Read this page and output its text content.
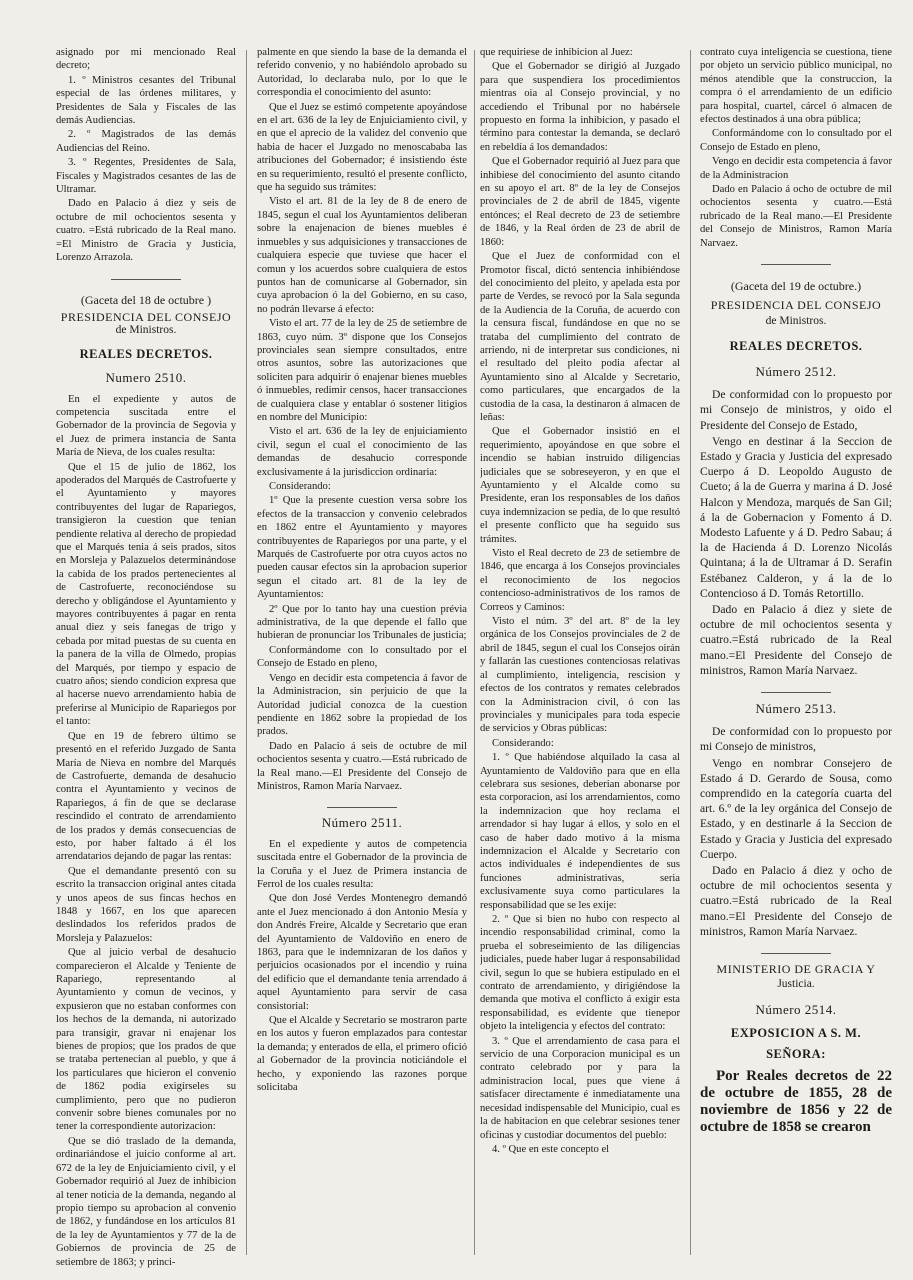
asignado por mi mencionado Real decreto;

1. º Ministros cesantes del Tribunal especial de las órdenes militares, y Presidentes de Sala y Fiscales de las demás Audiencias.

2. º Magistrados de las demás Audiencias del Reino.

3. º Regentes, Presidentes de Sala, Fiscales y Magistrados cesantes de las de Ultramar.

Dado en Palacio á diez y seis de octubre de mil ochocientos sesenta y cuatro. =Está rubricado de la Real mano. =El Ministro de Gracia y Justicia, Lorenzo Arrazola.

(Gaceta del 18 de octubre )
PRESIDENCIA DEL CONSEJO
de Ministros.
REALES DECRETOS.
Numero 2510.

En el expediente y autos de competencia suscitada entre el Gobernador de la provincia de Segovia y el Juez de primera instancia de Santa María de Nieva, de los cuales resulta:

Que el 15 de julio de 1862, los apoderados del Marqués de Castrofuerte y el Ayuntamiento y mayores contribuyentes del lugar de Rapariegos, transigieron la cuestion que tenian pendiente relativa al derecho de propiedad que el Marqués tenia á seis prados, sitos en Morsleja y Palazuelos determinándose la cabida de los prados pertenecientes al de Castrofuerte, reconociéndose su derecho y obligándose el Ayuntamiento y mayores contribuyentes á pagar en renta anual diez y seis fanegas de trigo y cebada por mitad puestas de su cuenta en la panera de la villa de Olmedo, propias del Marqués, por tiempo y espacio de cuatro años; siendo condicion expresa que al hacerse nuevo arrendamiento habia de preferirse al Municipio de Rapariegos por el tanto:

Que en 19 de febrero último se presentó en el referido Juzgado de Santa María de Nieva en nombre del Marqués de Castrofuerte, demanda de desahucio contra el Ayuntamiento y vecinos de Rapariegos, á fin de que se declarase rescindido el contrato de arrendamiento de los prados y demás consecuencias de esto, por haber faltado á él los arrendatarios dejando de pagar las rentas:

Que el demandante presentó con su escrito la transaccion original antes citada y unos apeos de sus fincas hechos en 1848 y 1667, en los que aparecen deslindados los referidos prados de Morsleja y Palazuelos:

Que al juicio verbal de desahucio comparecieron el Alcalde y Teniente de Rapariego, representando al Ayuntamiento y comun de vecinos, y expusieron que no estaban conformes con los hechos de la demanda, ni autorizado para transigir, gravar ni enajenar los bienes de propios; que los prados de que se trataba pertenecian al pueblo, y que á los particulares que hicieron el convenio de 1862 podia exigírseles su cumplimiento, pero que no pudieron convenir sobre bienes comunales por no tener la correspondiente autorizacion:

Que se dió traslado de la demanda, ordinariándose el juicio conforme al art. 672 de la ley de Enjuiciamiento civil, y el Gobernador requirió al Juez de inhibicion al tener noticia de la demanda, negando al propio tiempo su aprobacion al convenio de 1862, y fundándose en los artículos 81 de la ley de Ayuntamientos y 77 de la de Gobiernos de provincia de 25 de setiembre de 1863; y princi-

palmente en que siendo la base de la demanda el referido convenio, y no habiéndolo aprobado su Autoridad, lo declaraba nulo, por lo que le correspondia el conocimiento del asunto:

Que el Juez se estimó competente apoyándose en el art. 636 de la ley de Enjuiciamiento civil, y en que el aprecio de la validez del convenio que habia de hacer el Juzgado no menoscababa las atribuciones del Gobernador; é insistiendo éste en su requerimiento, resultó el presente conflicto, que ha seguido sus trámites:

Visto el art. 81 de la ley de 8 de enero de 1845, segun el cual los Ayuntamientos deliberan sobre la enajenacion de bienes muebles é inmuebles y sus adquisiciones y transacciones de cualquiera especie que tuviese que hacer el comun y los acuerdos sobre cualquiera de estos puntos han de comunicarse al Gobernador, sin cuya aprobacion ó la del Gobierno, en su caso, no podrán llevarse á efecto:

Visto el art. 77 de la ley de 25 de setiembre de 1863, cuyo núm. 3º dispone que los Consejos provinciales sean siempre consultados, entre otros asuntos, sobre las autorizaciones que soliciten para adquirir ó enajenar bienes muebles ó inmuebles, redimir censos, hacer transacciones de cualquiera clase y entablar ó sostener litigios en nombre del Municipio:

Visto el art. 636 de la ley de enjuiciamiento civil, segun el cual el conocimiento de las demandas de desahucio corresponde exclusivamente á la jurisdiccion ordinaria:

Considerando:

1º Que la presente cuestion versa sobre los efectos de la transaccion y convenio celebrados en 1862 entre el Ayuntamiento y mayores contribuyentes de Rapariegos por una parte, y el Marqués de Castrofuerte por otra cuyos actos no pueden causar efectos sin la aprobacion superior segun el citado art. 81 de la ley de Ayuntamientos:

2º Que por lo tanto hay una cuestion prévia administrativa, de la que depende el fallo que hubieran de pronunciar los Tribunales de justicia;

Conformándome con lo consultado por el Consejo de Estado en pleno,

Vengo en decidir esta competencia á favor de la Administracion, sin perjuicio de que la Autoridad judicial conozca de la cuestion pendiente en 1862 sobre la propiedad de los prados.

Dado en Palacio á seis de octubre de mil ochocientos sesenta y cuatro.—Está rubricado de la Real mano.—El Presidente del Consejo de Ministros, Ramon María Narvaez.

Número 2511.

En el expediente y autos de competencia suscitada entre el Gobernador de la provincia de la Coruña y el Juez de Primera instancia de Ferrol de los cuales resulta:

Que don José Verdes Montenegro demandó ante el Juez mencionado á don Antonio Mesía y don Andrés Freire, Alcalde y Secretario que eran del Ayuntamiento de Valdoviño en enero de 1863, para que le indemnizaran de los daños y perjuicios ocasionados por el incendio y ruina del edificio que el demandante tenia arrendado á aquel Ayuntamiento para servir de casa consistorial:

Que el Alcalde y Secretario se mostraron parte en los autos y fueron emplazados para contestar la demanda; y enterados de ella, el primero ofició al Gobernador de la provincia noticiándole el hecho, y exponiendo las razones porque solicitaba

que requiriese de inhibicion al Juez:

Que el Gobernador se dirigió al Juzgado para que suspendiera los procedimientos mientras oia al Consejo provincial, y no accediendo el Tribunal por no habérsele propuesto en forma la inhibicion, y pasado el término para contestar la demanda, se declaró en rebeldía á los demandados:

Que el Gobernador requirió al Juez para que inhibiese del conocimiento del asunto citando en su apoyo el art. 8º de la ley de Consejos provinciales de 2 de abril de 1845, vigente entónces; el Real decreto de 23 de setiembre de 1846, y la Real órden de 23 de abril de 1860:

Que el Juez de conformidad con el Promotor fiscal, dictó sentencia inhibiéndose del conocimiento del pleito, y apelada esta por parte de Verdes, se revocó por la Sala segunda de la Audiencia de la Coruña, de acuerdo con la censura fiscal, fundándose en que no se trataba del cumplimiento del contrato de arriendo, ni de interpretar sus condiciones, ni el resultado del pleito podia afectar al Ayuntamiento sino al Alcalde y Secretario, como particulares, que encargados de la custodia de la casa, la destinaron á almacen de leñas:

Que el Gobernador insistió en el requerimiento, apoyándose en que sobre el incendio se habian instruido diligencias judiciales que se sobreseyeron, y en que el Ayuntamiento y el Alcalde como su Presidente, eran los responsables de los daños cuya indemnizacion se pedia, de lo que resultó el presente conflicto que ha seguido sus trámites.

Visto el Real decreto de 23 de setiembre de 1846, que encarga á los Consejos provinciales el reconocimiento de los negocios contencioso-administrativos de los ramos de Correos y Caminos:

Visto el núm. 3º del art. 8º de la ley orgánica de los Consejos provinciales de 2 de abril de 1845, segun el cual los Consejos oirán y fallarán las cuestiones contenciosas relativas al cumplimiento, inteligencia, rescision y efectos de los contratos y remates celebrados con la Administracion civil, ó con las provinciales y municipales para toda especie de servicios y Obras públicas:

Considerando:

1. º Que habiéndose alquilado la casa al Ayuntamiento de Valdoviño para que en ella celebrara sus sesiones, deberian abonarse por esta corporacion, así los arrendamientos, como la indemnizacion que hoy reclama el arrendador si hay lugar á ellos, y solo en el caso de haber dado motivo á la misma indemnizacion el Alcalde y Secretario con actos individuales é independientes de sus funciones administrativas, seria exclusivamente suya como particulares la responsabilidad que se les exije:

2. º Que si bien no hubo con respecto al incendio responsabilidad criminal, como la prueba el sobreseimiento de las diligencias judiciales, puede haber lugar á responsabilidad civil, segun lo que se hubiera estipulado en el contrato de arrendamiento, y dirigiéndose la demanda que motiva el conflicto á exigir esta responsabilidad, es evidente que tienepor objeto la inteligencia y efectos del contrato:

3. º Que el arrendamiento de casa para el servicio de una Corporacion municipal es un contrato celebrado por y para la administracion local, pues que viene á satisfacer directamente é inmediatamente una necesidad indispensable del Municipio, cual es la de habitacion en que celebrar sesiones tener oficinas y custodiar documentos del pueblo:

4. º Que en este concepto el

contrato cuya inteligencia se cuestiona, tiene por objeto un servicio público municipal, no ménos atendible que la construccion, la compra ó el arrendamiento de un edificio para hospital, cuartel, cárcel ó almacen de efectos destinados á una obra pública;

Conformándome con lo consultado por el Consejo de Estado en pleno,

Vengo en decidir esta competencia á favor de la Administracion

Dado en Palacio á ocho de octubre de mil ochocientos sesenta y cuatro.—Está rubricado de la Real mano.—El Presidente del Consejo de Ministros, Ramon María Narvaez.

(Gaceta del 19 de octubre.)
PRESIDENCIA DEL CONSEJO
de Ministros.
REALES DECRETOS.
Número 2512.

De conformidad con lo propuesto por mi Consejo de ministros, y oido el Presidente del Consejo de Estado,

Vengo en destinar á la Seccion de Estado y Gracia y Justicia del expresado Cuerpo á D. Leopoldo Augusto de Cueto; á la de Guerra y marina á D. José Halcon y Mendoza, marqués de San Gil; á la de Gobernacion y Fomento á D. Modesto Lafuente y á D. Pedro Sabau; á la de Hacienda á D. Lorenzo Nicolás Quintana; á la de Ultramar á D. Serafin Estébanez Calderon, y á la de lo Contencioso á D. Tomás Retortillo.

Dado en Palacio á diez y siete de octubre de mil ochocientos sesenta y cuatro.=Está rubricado de la Real mano.=El Presidente del Consejo de ministros, Ramon María Narvaez.

Número 2513.

De conformidad con lo propuesto por mi Consejo de ministros,

Vengo en nombrar Consejero de Estado á D. Gerardo de Sousa, como comprendido en la categoría cuarta del art. 6.º de la ley orgánica del Consejo de Estado, y en destinarle á la Seccion de Estado y Gracia y Justicia del expresado Cuerpo.

Dado en Palacio á diez y ocho de octubre de mil ochocientos sesenta y cuatro.=Está rubricado de la Real mano.=El Presidente del Consejo de ministros, Ramon María Narvaez.

MINISTERIO DE GRACIA Y
Justicia.
Número 2514.
EXPOSICION A S. M.
SEÑORA:

Por Reales decretos de 22 de octubre de 1855, 28 de noviembre de 1856 y 22 de octubre de 1858 se crearon
